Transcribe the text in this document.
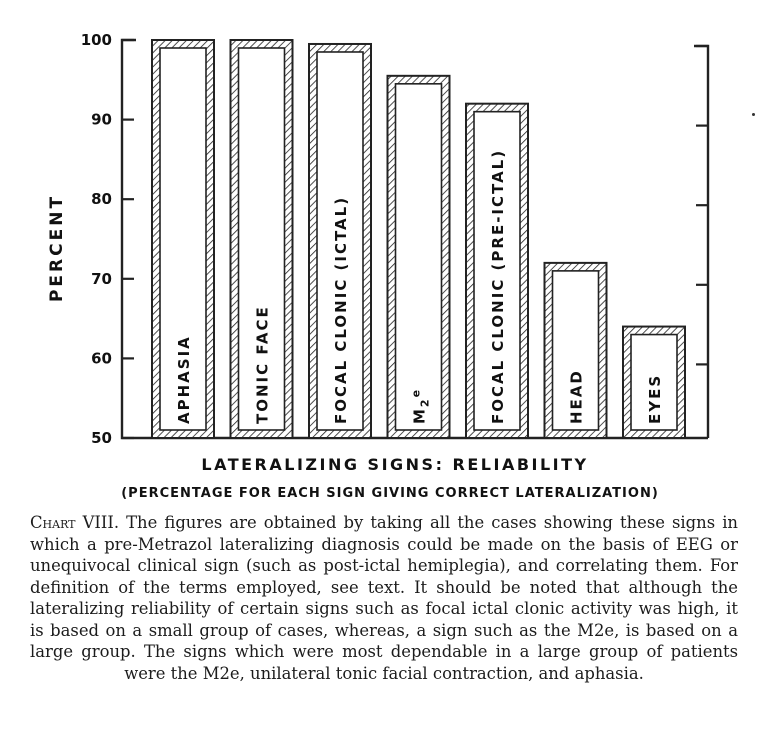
APHASIA	TONIC FACE	FOCAL CLONIC (ICTAL)	$M_2^e$	FOCAL CLONIC (PRE-ICTAL)	HEAD	EYES
50
60
70
80
90
100
PERCENT
LATERALIZING SIGNS: RELIABILITY
(PERCENTAGE FOR EACH SIGN GIVING CORRECT LATERALIZATION)
Chart VIII. The figures are obtained by taking all the cases showing these signs in which a pre-Metrazol lateralizing diagnosis could be made on the basis of EEG or unequivocal clinical sign (such as post-ictal hemiplegia), and correlating them. For definition of the terms employed, see text. It should be noted that although the lateralizing reliability of certain signs such as focal ictal clonic activity was high, it is based on a small group of cases, whereas, a sign such as the M2e, is based on a large group. The signs which were most dependable in a large group of patients were the M2e, unilateral tonic facial contraction, and aphasia.
